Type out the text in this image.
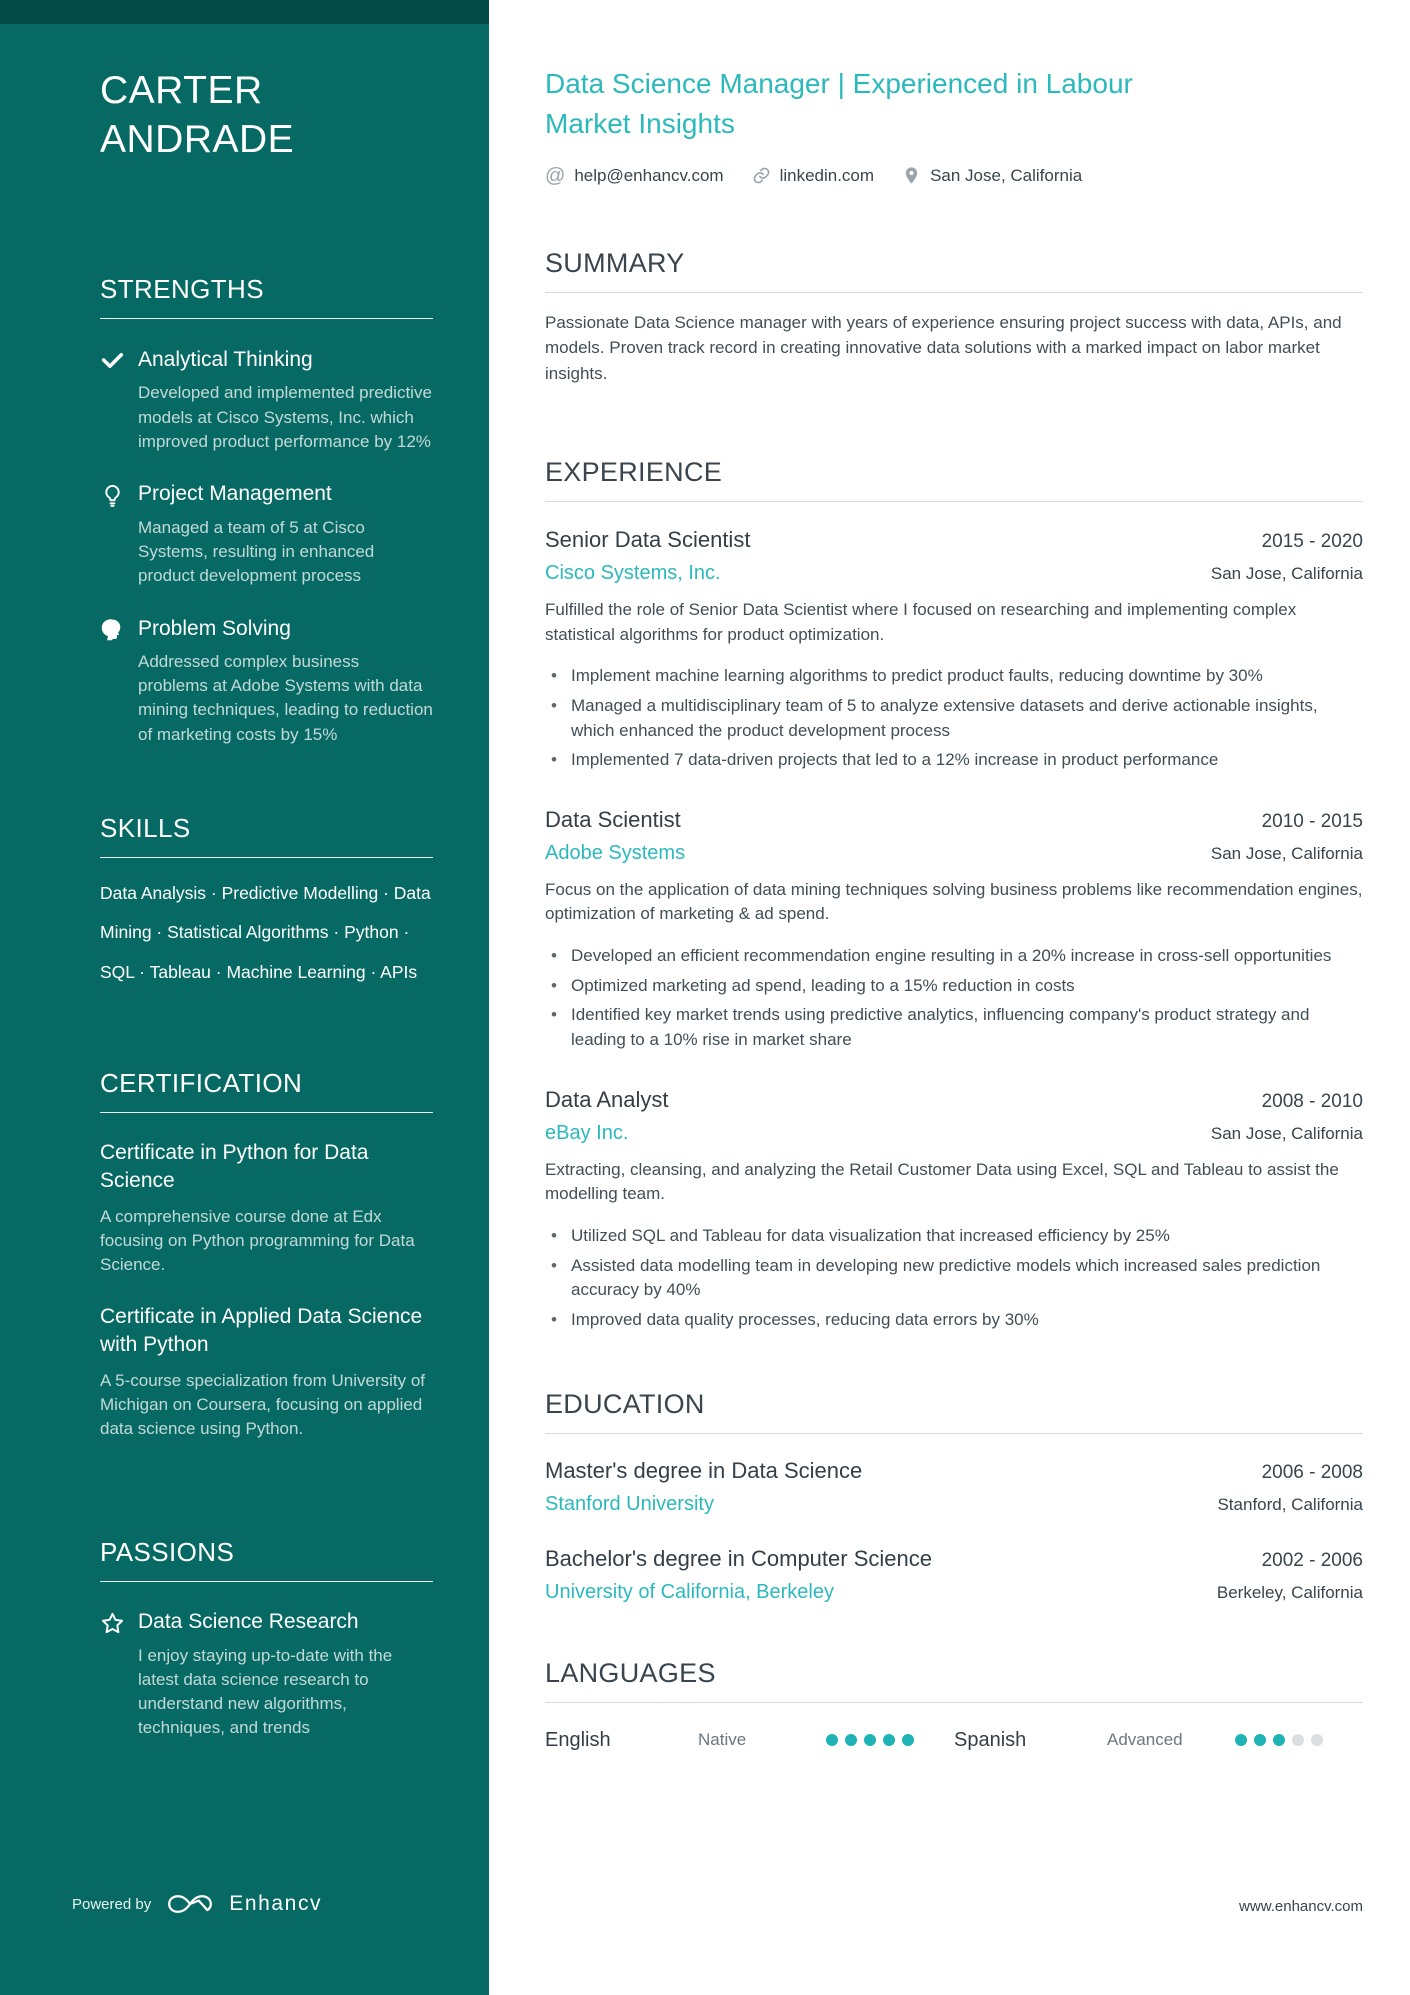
CARTER ANDRADE
STRENGTHS
Analytical Thinking
Developed and implemented predictive models at Cisco Systems, Inc. which improved product performance by 12%
Project Management
Managed a team of 5 at Cisco Systems, resulting in enhanced product development process
Problem Solving
Addressed complex business problems at Adobe Systems with data mining techniques, leading to reduction of marketing costs by 15%
SKILLS
Data Analysis · Predictive Modelling · Data Mining · Statistical Algorithms · Python · SQL · Tableau · Machine Learning · APIs
CERTIFICATION
Certificate in Python for Data Science
A comprehensive course done at Edx focusing on Python programming for Data Science.
Certificate in Applied Data Science with Python
A 5-course specialization from University of Michigan on Coursera, focusing on applied data science using Python.
PASSIONS
Data Science Research
I enjoy staying up-to-date with the latest data science research to understand new algorithms, techniques, and trends
Powered by	Enhancv
Data Science Manager | Experienced in Labour Market Insights
@ help@enhancv.com	linkedin.com	San Jose, California
SUMMARY

Passionate Data Science manager with years of experience ensuring project success with data, APIs, and models. Proven track record in creating innovative data solutions with a marked impact on labor market insights.

EXPERIENCE
Senior Data Scientist	2015 - 2020
Cisco Systems, Inc.	San Jose, California

Fulfilled the role of Senior Data Scientist where I focused on researching and implementing complex statistical algorithms for product optimization.

• Implement machine learning algorithms to predict product faults, reducing downtime by 30%
• Managed a multidisciplinary team of 5 to analyze extensive datasets and derive actionable insights, which enhanced the product development process
• Implemented 7 data-driven projects that led to a 12% increase in product performance
Data Scientist	2010 - 2015
Adobe Systems	San Jose, California

Focus on the application of data mining techniques solving business problems like recommendation engines, optimization of marketing & ad spend.

• Developed an efficient recommendation engine resulting in a 20% increase in cross-sell opportunities
• Optimized marketing ad spend, leading to a 15% reduction in costs
• Identified key market trends using predictive analytics, influencing company's product strategy and leading to a 10% rise in market share
Data Analyst	2008 - 2010
eBay Inc.	San Jose, California

Extracting, cleansing, and analyzing the Retail Customer Data using Excel, SQL and Tableau to assist the modelling team.

• Utilized SQL and Tableau for data visualization that increased efficiency by 25%
• Assisted data modelling team in developing new predictive models which increased sales prediction accuracy by 40%
• Improved data quality processes, reducing data errors by 30%
EDUCATION
Master's degree in Data Science	2006 - 2008
Stanford University	Stanford, California
Bachelor's degree in Computer Science	2002 - 2006
University of California, Berkeley	Berkeley, California
LANGUAGES
English	Native	Spanish	Advanced
www.enhancv.com
